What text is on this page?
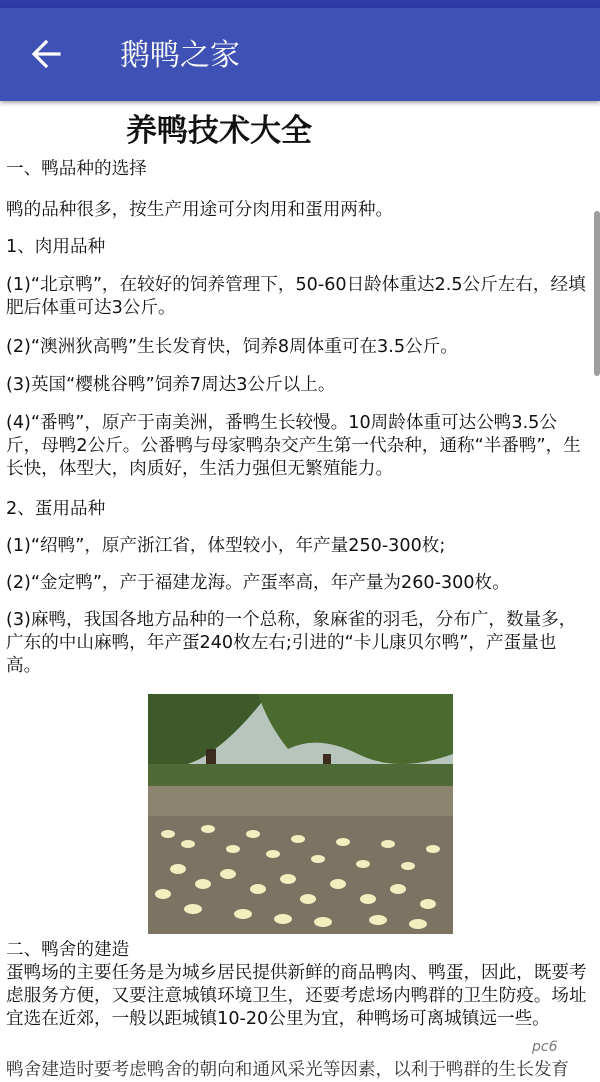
鹅鸭之家
养鸭技术大全
一、鸭品种的选择
鸭的品种很多，按生产用途可分肉用和蛋用两种。
1、肉用品种
(1)“北京鸭”，在较好的饲养管理下，50-60日龄体重达2.5公斤左右，经填肥后体重可达3公斤。
(2)“澳洲狄高鸭”生长发育快，饲养8周体重可在3.5公斤。
(3)英国“樱桃谷鸭”饲养7周达3公斤以上。
(4)“番鸭”，原产于南美洲，番鸭生长较慢。10周龄体重可达公鸭3.5公斤，母鸭2公斤。公番鸭与母家鸭杂交产生第一代杂种，通称“半番鸭”，生长快，体型大，肉质好，生活力强但无繁殖能力。
2、蛋用品种
(1)“绍鸭”，原产浙江省，体型较小，年产量250-300枚;
(2)“金定鸭”，产于福建龙海。产蛋率高，年产量为260-300枚。
(3)麻鸭，我国各地方品种的一个总称，象麻雀的羽毛，分布广，数量多，广东的中山麻鸭，年产蛋240枚左右;引进的“卡儿康贝尔鸭”，产蛋量也高。
二、鸭舍的建造
蛋鸭场的主要任务是为城乡居民提供新鲜的商品鸭肉、鸭蛋，因此，既要考虑服务方便，又要注意城镇环境卫生，还要考虑场内鸭群的卫生防疫。场址宜选在近郊，一般以距城镇10-20公里为宜，种鸭场可离城镇远一些。
鸭舍建造时要考虑鸭舍的朝向和通风采光等因素，以利于鸭群的生长发育
pc6
